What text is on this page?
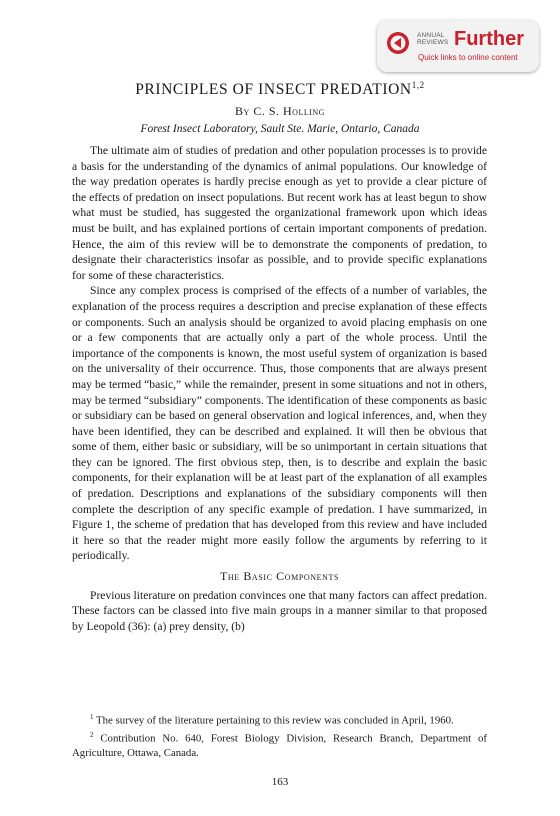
ANNUAL REVIEWS Further
Quick links to online content
PRINCIPLES OF INSECT PREDATION$^{1,2}$
By C. S. Holling
Forest Insect Laboratory, Sault Ste. Marie, Ontario, Canada

The ultimate aim of studies of predation and other population processes is to provide a basis for the understanding of the dynamics of animal populations. Our knowledge of the way predation operates is hardly precise enough as yet to provide a clear picture of the effects of predation on insect populations. But recent work has at least begun to show what must be studied, has suggested the organizational framework upon which ideas must be built, and has explained portions of certain important components of predation. Hence, the aim of this review will be to demonstrate the components of predation, to designate their characteristics insofar as possible, and to provide specific explanations for some of these characteristics.

Since any complex process is comprised of the effects of a number of variables, the explanation of the process requires a description and precise explanation of these effects or components. Such an analysis should be organized to avoid placing emphasis on one or a few components that are actually only a part of the whole process. Until the importance of the components is known, the most useful system of organization is based on the universality of their occurrence. Thus, those components that are always present may be termed “basic,” while the remainder, present in some situations and not in others, may be termed “subsidiary” components. The identification of these components as basic or subsidiary can be based on general observation and logical inferences, and, when they have been identified, they can be described and explained. It will then be obvious that some of them, either basic or subsidiary, will be so unimportant in certain situations that they can be ignored. The first obvious step, then, is to describe and explain the basic components, for their explanation will be at least part of the explanation of all examples of predation. Descriptions and explanations of the subsidiary components will then complete the description of any specific example of predation. I have summarized, in Figure 1, the scheme of predation that has developed from this review and have included it here so that the reader might more easily follow the arguments by referring to it periodically.

The Basic Components

Previous literature on predation convinces one that many factors can affect predation. These factors can be classed into five main groups in a manner similar to that proposed by Leopold (36): (a) prey density, (b)

$^1$ The survey of the literature pertaining to this review was concluded in April, 1960.

$^2$ Contribution No. 640, Forest Biology Division, Research Branch, Department of Agriculture, Ottawa, Canada.

163
